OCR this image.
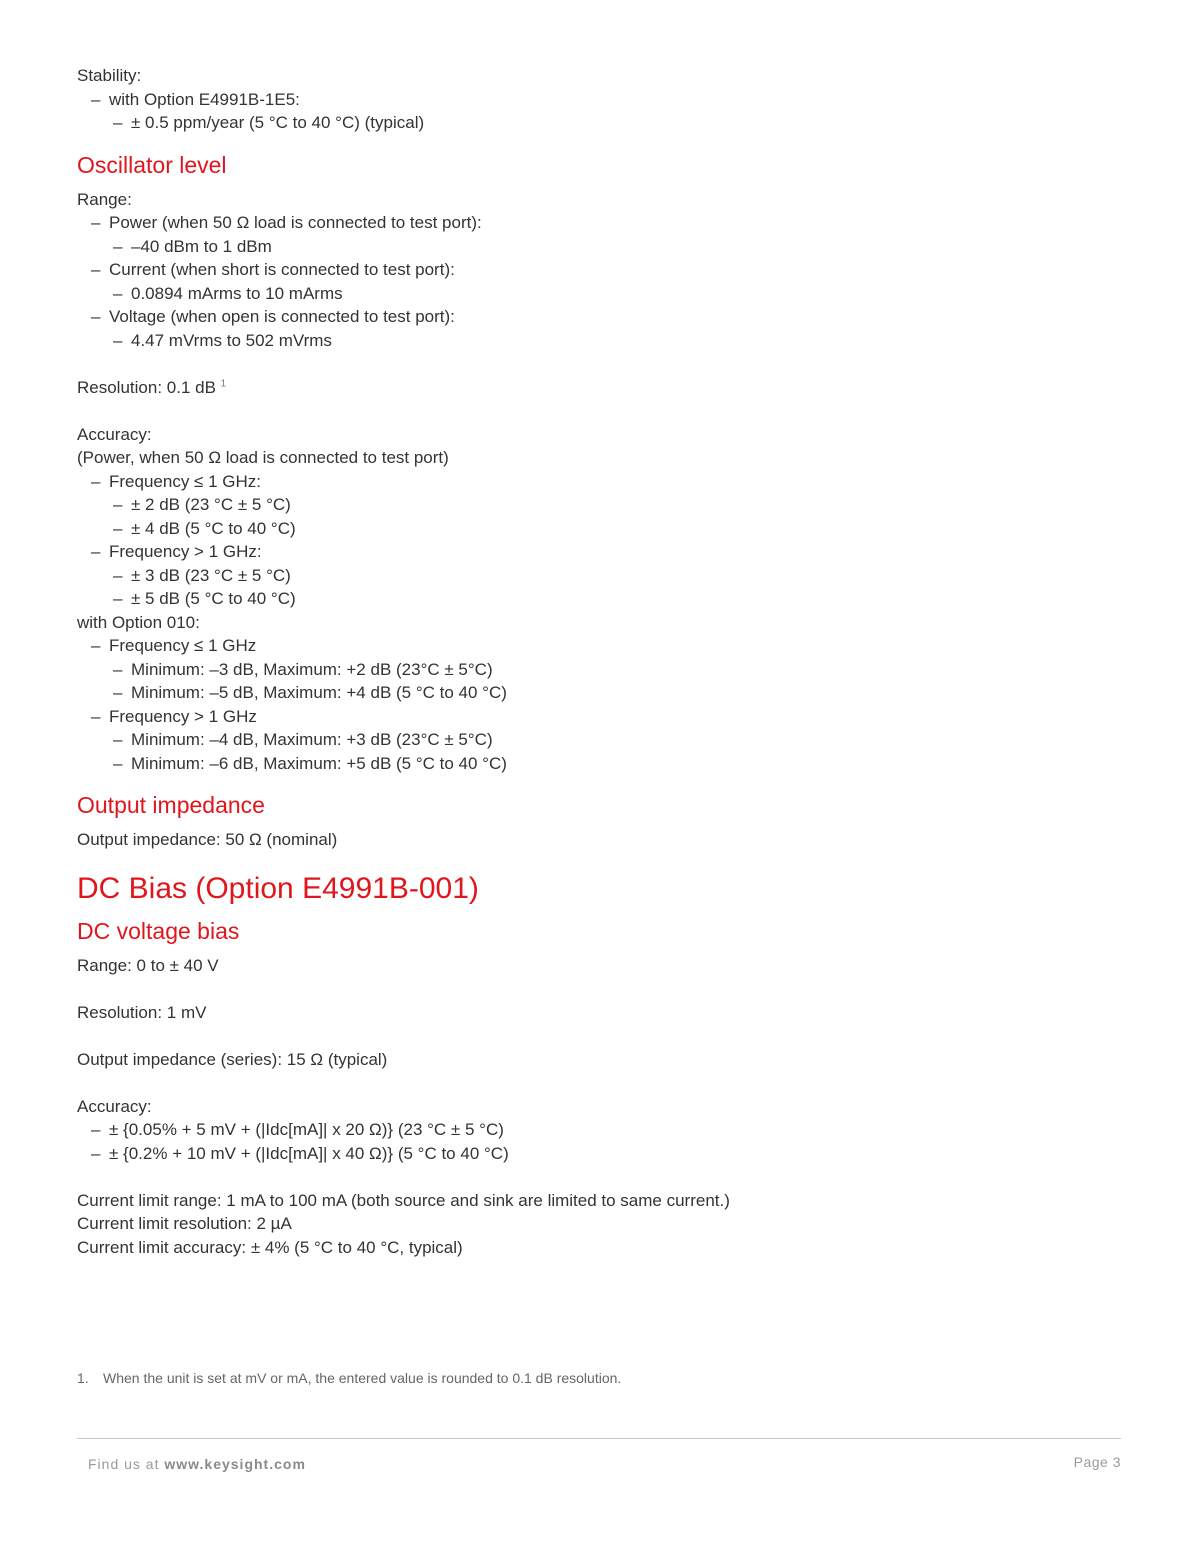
Stability:
– with Option E4991B-1E5:
– ± 0.5 ppm/year (5 °C to 40 °C) (typical)
Oscillator level
Range:
– Power (when 50 Ω load is connected to test port):
– –40 dBm to 1 dBm
– Current (when short is connected to test port):
– 0.0894 mArms to 10 mArms
– Voltage (when open is connected to test port):
– 4.47 mVrms to 502 mVrms
Resolution: 0.1 dB $^1$
Accuracy:
(Power, when 50 Ω load is connected to test port)
– Frequency ≤ 1 GHz:
– ± 2 dB (23 °C ± 5 °C)
– ± 4 dB (5 °C to 40 °C)
– Frequency > 1 GHz:
– ± 3 dB (23 °C ± 5 °C)
– ± 5 dB (5 °C to 40 °C)
with Option 010:
– Frequency ≤ 1 GHz
– Minimum: –3 dB, Maximum: +2 dB (23°C ± 5°C)
– Minimum: –5 dB, Maximum: +4 dB (5 °C to 40 °C)
– Frequency > 1 GHz
– Minimum: –4 dB, Maximum: +3 dB (23°C ± 5°C)
– Minimum: –6 dB, Maximum: +5 dB (5 °C to 40 °C)
Output impedance
Output impedance: 50 Ω (nominal)
DC Bias (Option E4991B-001)
DC voltage bias
Range: 0 to ± 40 V
Resolution: 1 mV
Output impedance (series): 15 Ω (typical)
Accuracy:
– ± {0.05% + 5 mV + (|Idc[mA]| x 20 Ω)} (23 °C ± 5 °C)
– ± {0.2% + 10 mV + (|Idc[mA]| x 40 Ω)} (5 °C to 40 °C)
Current limit range: 1 mA to 100 mA (both source and sink are limited to same current.)
Current limit resolution: 2 µA
Current limit accuracy: ± 4% (5 °C to 40 °C, typical)
1. When the unit is set at mV or mA, the entered value is rounded to 0.1 dB resolution.
Find us at www.keysight.com	Page 3
